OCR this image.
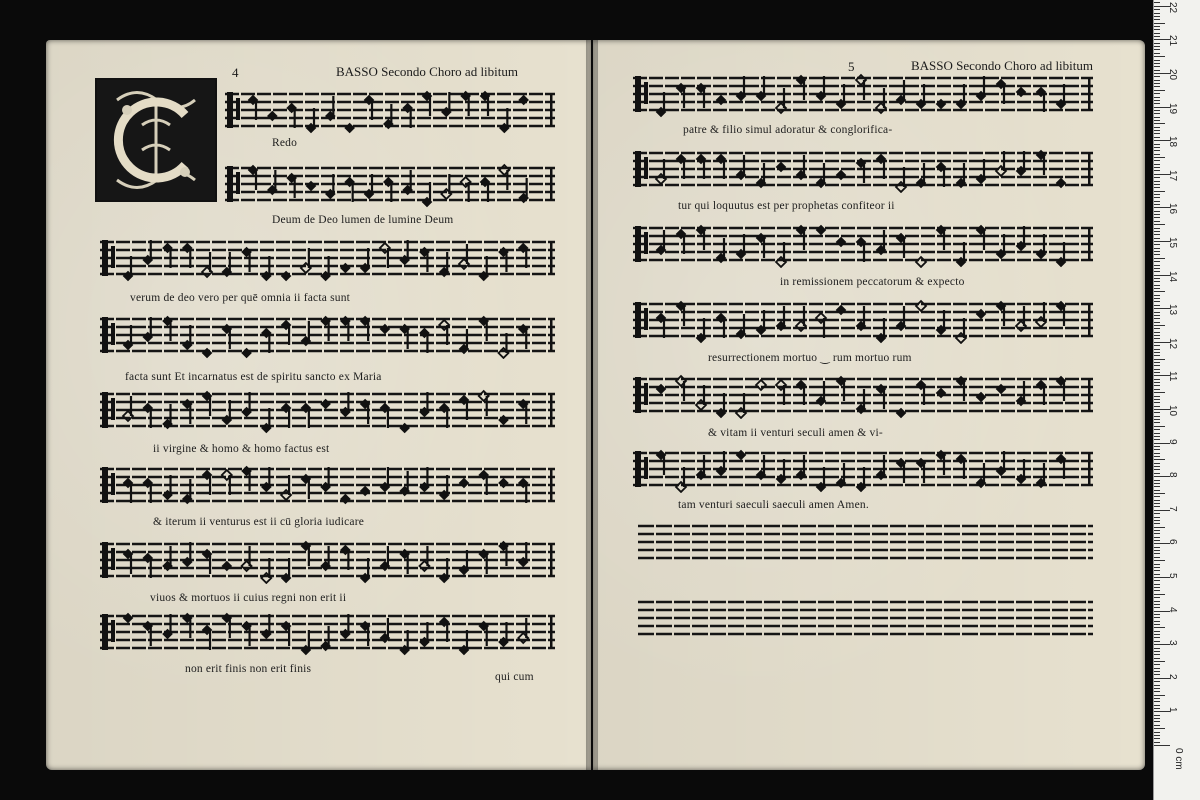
4	BASSO Secondo Choro ad libitum	5	BASSO Secondo Choro ad libitum
Redo
Deum de Deo lumen de lumine Deum
verum de deo vero per quē omnia ii facta sunt
facta sunt Et incarnatus est de spiritu sancto ex Maria
ii virgine & homo & homo factus est
& iterum ii venturus est ii cū gloria iudicare
viuos & mortuos ii cuius regni non erit ii
non erit finis non erit finis
qui cum
patre & filio simul adoratur & conglorifica-
tur qui loquutus est per prophetas confiteor ii
in remissionem peccatorum & expecto
resurrectionem mortuo ‿ rum mortuo rum
& vitam ii venturi seculi amen & vi-
tam venturi saeculi saeculi amen Amen.
0 cm
1
2
3
4
5
6
7
8
9
10
11
12
13
14
15
16
17
18
19
20
21
22
